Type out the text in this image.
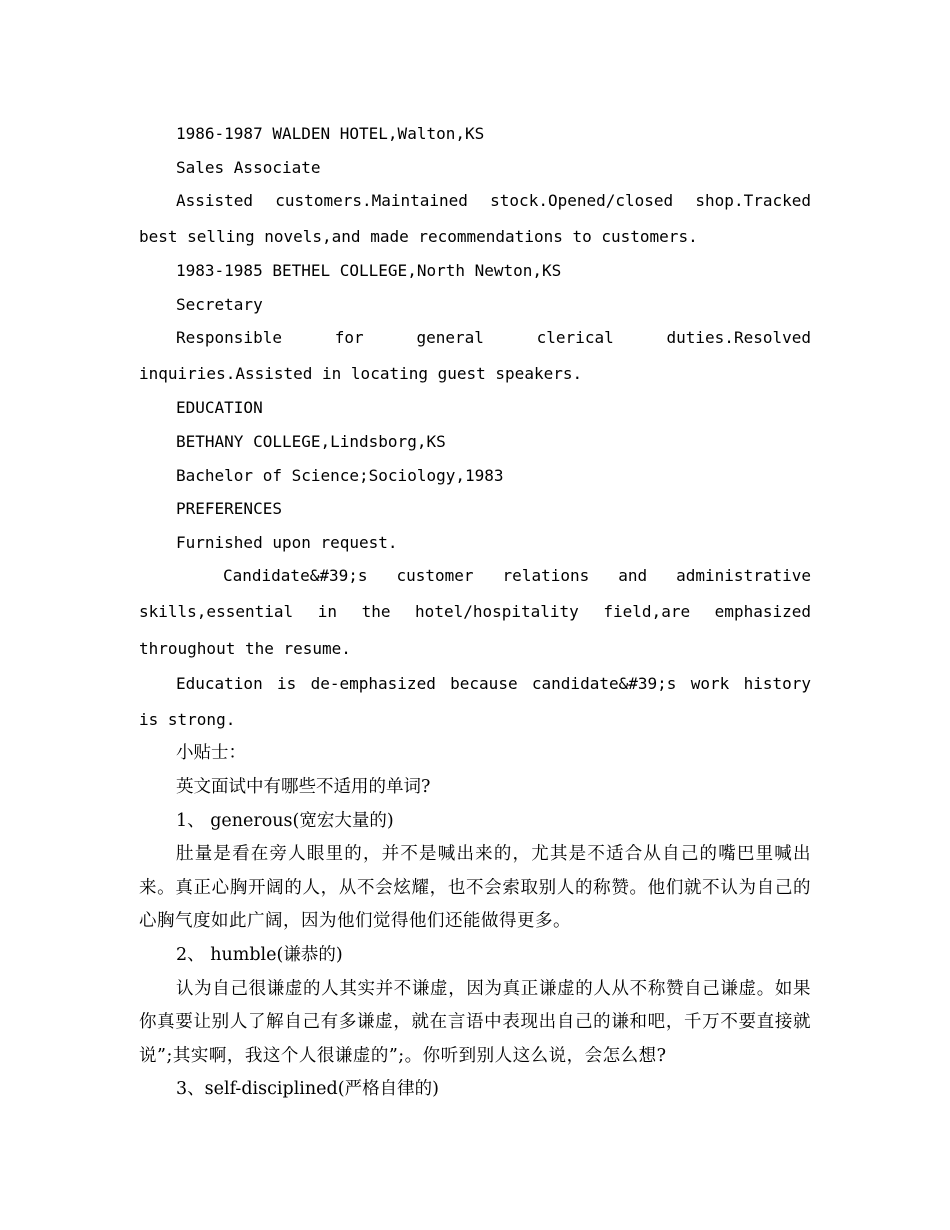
1986-1987 WALDEN HOTEL,Walton,KS
Sales Associate
Assisted customers.Maintained stock.Opened/closed shop.Tracked best selling novels,and made recommendations to customers.
1983-1985 BETHEL COLLEGE,North Newton,KS
Secretary
Responsible for general clerical duties.Resolved inquiries.Assisted in locating guest speakers.
EDUCATION
BETHANY COLLEGE,Lindsborg,KS
Bachelor of Science;Sociology,1983
PREFERENCES
Furnished upon request.
Candidate&#39;s customer relations and administrative skills,essential in the hotel/hospitality field,are emphasized throughout the resume.
Education is de-emphasized because candidate&#39;s work history is strong.
小贴士：
英文面试中有哪些不适用的单词?
1、 generous(宽宏大量的)
肚量是看在旁人眼里的，并不是喊出来的，尤其是不适合从自己的嘴巴里喊出来。真正心胸开阔的人，从不会炫耀，也不会索取别人的称赞。他们就不认为自己的心胸气度如此广阔，因为他们觉得他们还能做得更多。
2、 humble(谦恭的)
认为自己很谦虚的人其实并不谦虚，因为真正谦虚的人从不称赞自己谦虚。如果你真要让别人了解自己有多谦虚，就在言语中表现出自己的谦和吧，千万不要直接就说”;其实啊，我这个人很谦虚的”;。你听到别人这么说，会怎么想?
3、self-disciplined(严格自律的)
